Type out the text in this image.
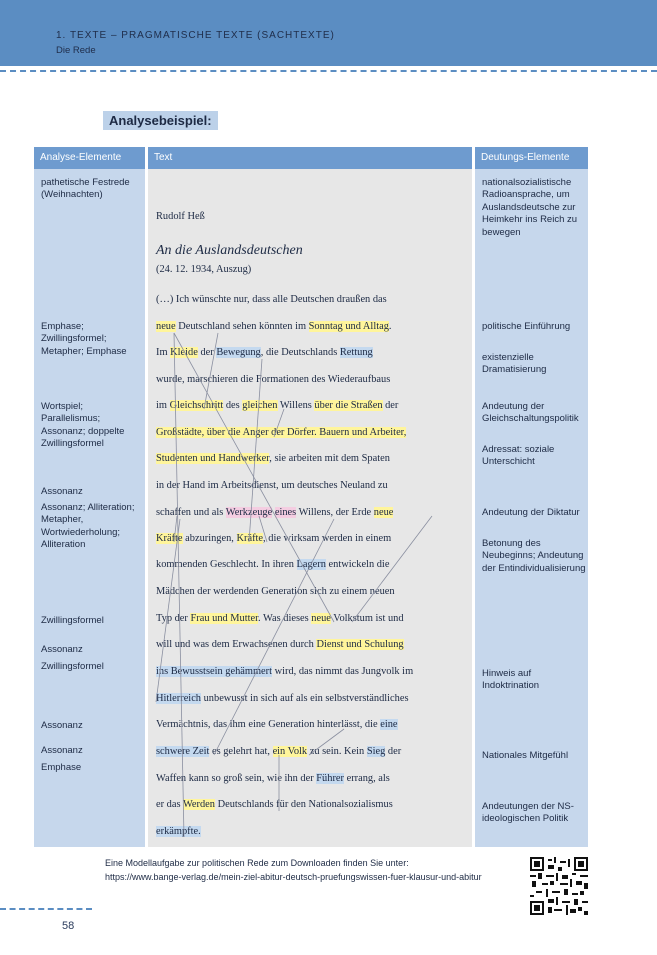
1. TEXTE – PRAGMATISCHE TEXTE (SACHTEXTE)
Die Rede
Analysebeispiel:
Analyse-Elemente	Text	Deutungs-Elemente
pathetische Festrede (Weihnachten)
Emphase; Zwillingsformel; Metapher; Emphase
Wortspiel; Parallelismus; Assonanz; doppelte Zwillingsformel
Assonanz
Assonanz; Alliteration; Metapher, Wortwiederholung; Alliteration
Zwillingsformel
Assonanz
Zwillingsformel
Assonanz
Assonanz
Emphase
nationalsozialistische Radioansprache, um Auslandsdeutsche zur Heimkehr ins Reich zu bewegen
politische Einführung
existenzielle Dramatisierung
Andeutung der Gleichschaltungspolitik
Adressat: soziale Unterschicht
Andeutung der Diktatur
Betonung des Neubeginns; Andeutung der Entindividualisierung
Hinweis auf Indoktrination
Nationales Mitgefühl
Andeutungen der NS-ideologischen Politik
Rudolf Heß
An die Auslandsdeutschen
(24. 12. 1934, Auszug)
(…) Ich wünschte nur, dass alle Deutschen draußen das
neue Deutschland sehen könnten im Sonntag und Alltag.
Im Kleide der Bewegung, die Deutschlands Rettung
wurde, marschieren die Formationen des Wiederaufbaus
im Gleichschritt des gleichen Willens über die Straßen der
Großstädte, über die Anger der Dörfer. Bauern und Arbeiter,
Studenten und Handwerker, sie arbeiten mit dem Spaten
in der Hand im Arbeitsdienst, um deutsches Neuland zu
schaffen und als Werkzeuge eines Willens, der Erde neue
Kräfte abzuringen, Kräfte, die wirksam werden in einem
kommenden Geschlecht. In ihren Lagern entwickeln die
Mädchen der werdenden Generation sich zu einem neuen
Typ der Frau und Mutter. Was dieses neue Volkstum ist und
will und was dem Erwachsenen durch Dienst und Schulung
ins Bewusstsein gehämmert wird, das nimmt das Jungvolk im
Hitlerreich unbewusst in sich auf als ein selbstverständliches
Vermächtnis, das ihm eine Generation hinterlässt, die eine
schwere Zeit es gelehrt hat, ein Volk zu sein. Kein Sieg der
Waffen kann so groß sein, wie ihn der Führer errang, als
er das Werden Deutschlands für den Nationalsozialismus
erkämpfte.
Eine Modellaufgabe zur politischen Rede zum Downloaden finden Sie unter:
https://www.bange-verlag.de/mein-ziel-abitur-deutsch-pruefungswissen-fuer-klausur-und-abitur
58
